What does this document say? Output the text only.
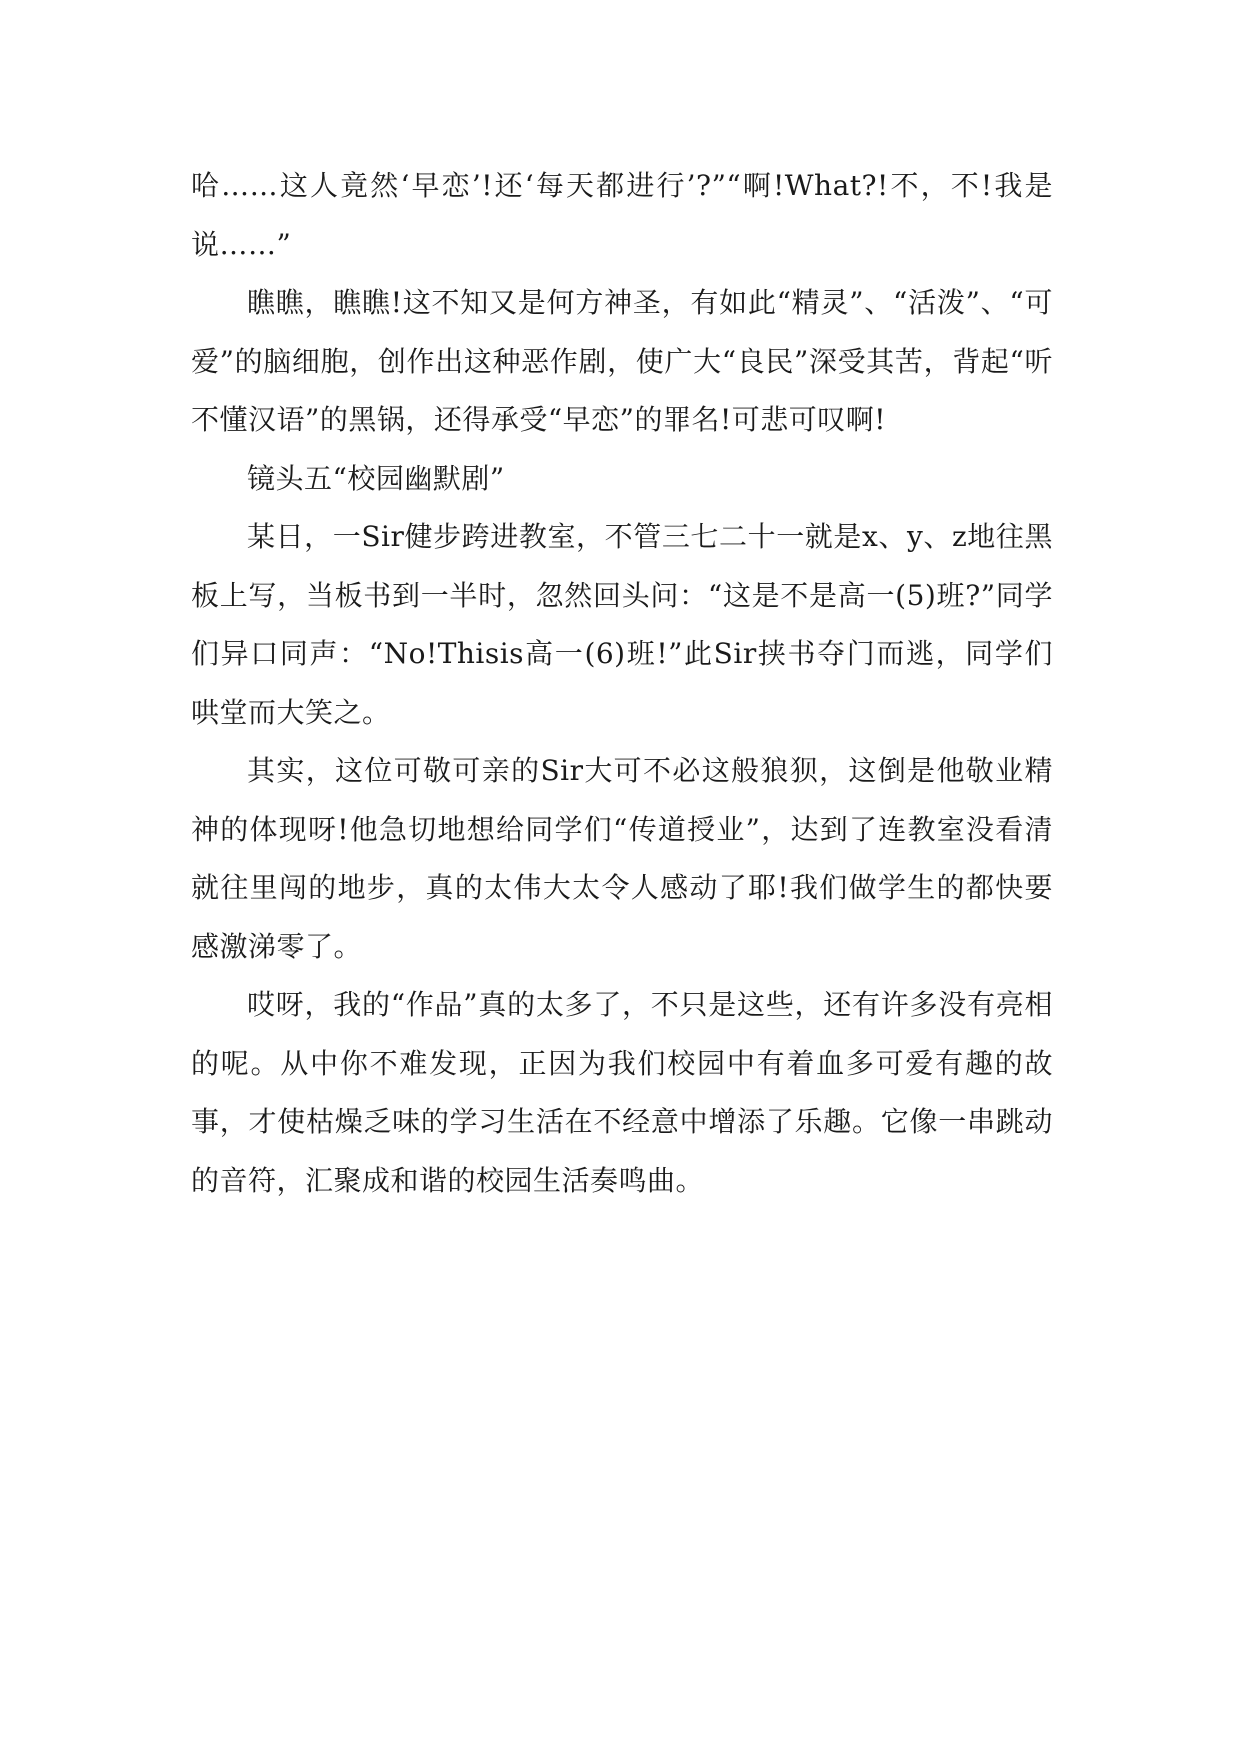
哈……这人竟然‘早恋’!还‘每天都进行’?”“啊!What?!不，不!我是说……”

瞧瞧，瞧瞧!这不知又是何方神圣，有如此“精灵”、“活泼”、“可爱”的脑细胞，创作出这种恶作剧，使广大“良民”深受其苦，背起“听不懂汉语”的黑锅，还得承受“早恋”的罪名!可悲可叹啊!

镜头五“校园幽默剧”

某日，一Sir健步跨进教室，不管三七二十一就是x、y、z地往黑板上写，当板书到一半时，忽然回头问：“这是不是高一(5)班?”同学们异口同声：“No!Thisis高一(6)班!”此Sir挟书夺门而逃，同学们哄堂而大笑之。

其实，这位可敬可亲的Sir大可不必这般狼狈，这倒是他敬业精神的体现呀!他急切地想给同学们“传道授业”，达到了连教室没看清就往里闯的地步，真的太伟大太令人感动了耶!我们做学生的都快要感激涕零了。

哎呀，我的“作品”真的太多了，不只是这些，还有许多没有亮相的呢。从中你不难发现，正因为我们校园中有着血多可爱有趣的故事，才使枯燥乏味的学习生活在不经意中增添了乐趣。它像一串跳动的音符，汇聚成和谐的校园生活奏鸣曲。
